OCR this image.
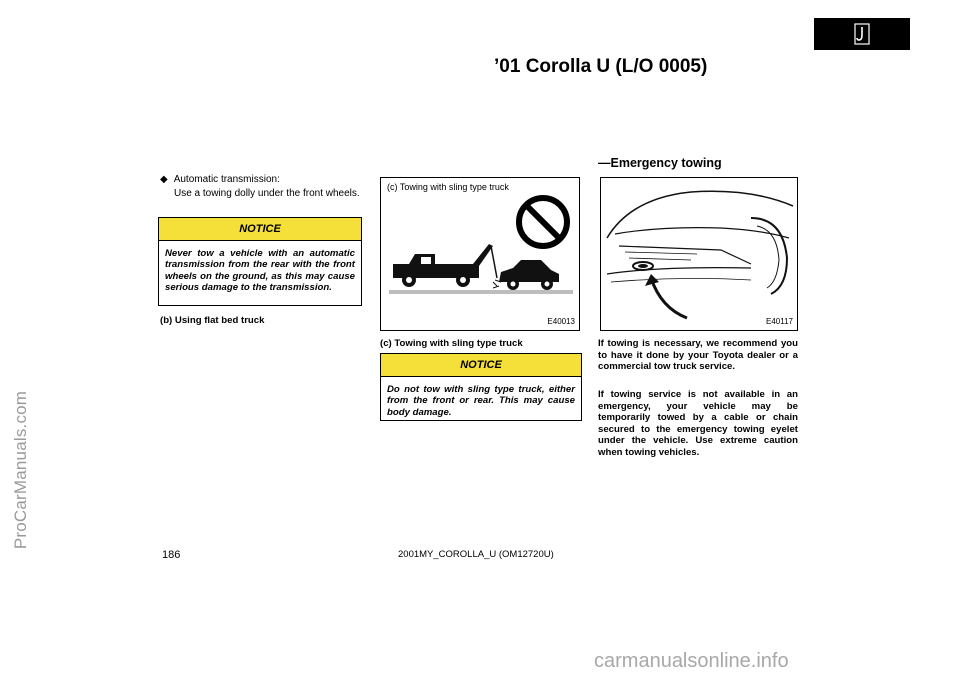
ProCarManuals.com
’01 Corolla U (L/O 0005)
—Emergency towing
◆ Automatic transmission:
Use a towing dolly under the front wheels.
NOTICE
Never tow a vehicle with an automatic transmission from the rear with the front wheels on the ground, as this may cause serious damage to the transmission.
(b) Using flat bed truck
(c) Towing with sling type truck
E40013
(c) Towing with sling type truck
NOTICE
Do not tow with sling type truck, either from the front or rear. This may cause body damage.
E40117
If towing is necessary, we recommend you to have it done by your Toyota dealer or a commercial tow truck service.
If towing service is not available in an emergency, your vehicle may be temporarily towed by a cable or chain secured to the emergency towing eyelet under the vehicle. Use extreme caution when towing vehicles.
186	2001MY_COROLLA_U (OM12720U)
carmanualsonline.info
